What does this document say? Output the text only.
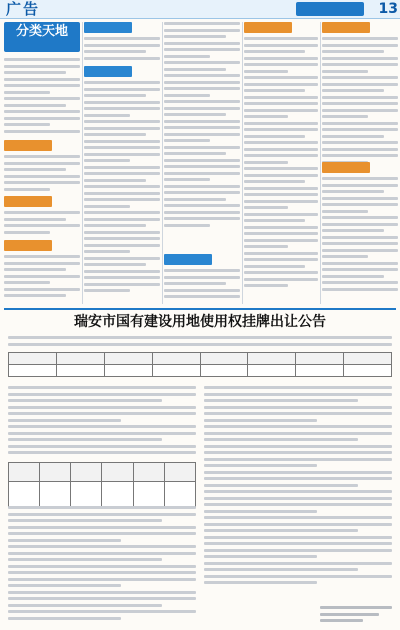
广告	13
分类天地
瑞安市国有建设用地使用权挂牌出让公告
